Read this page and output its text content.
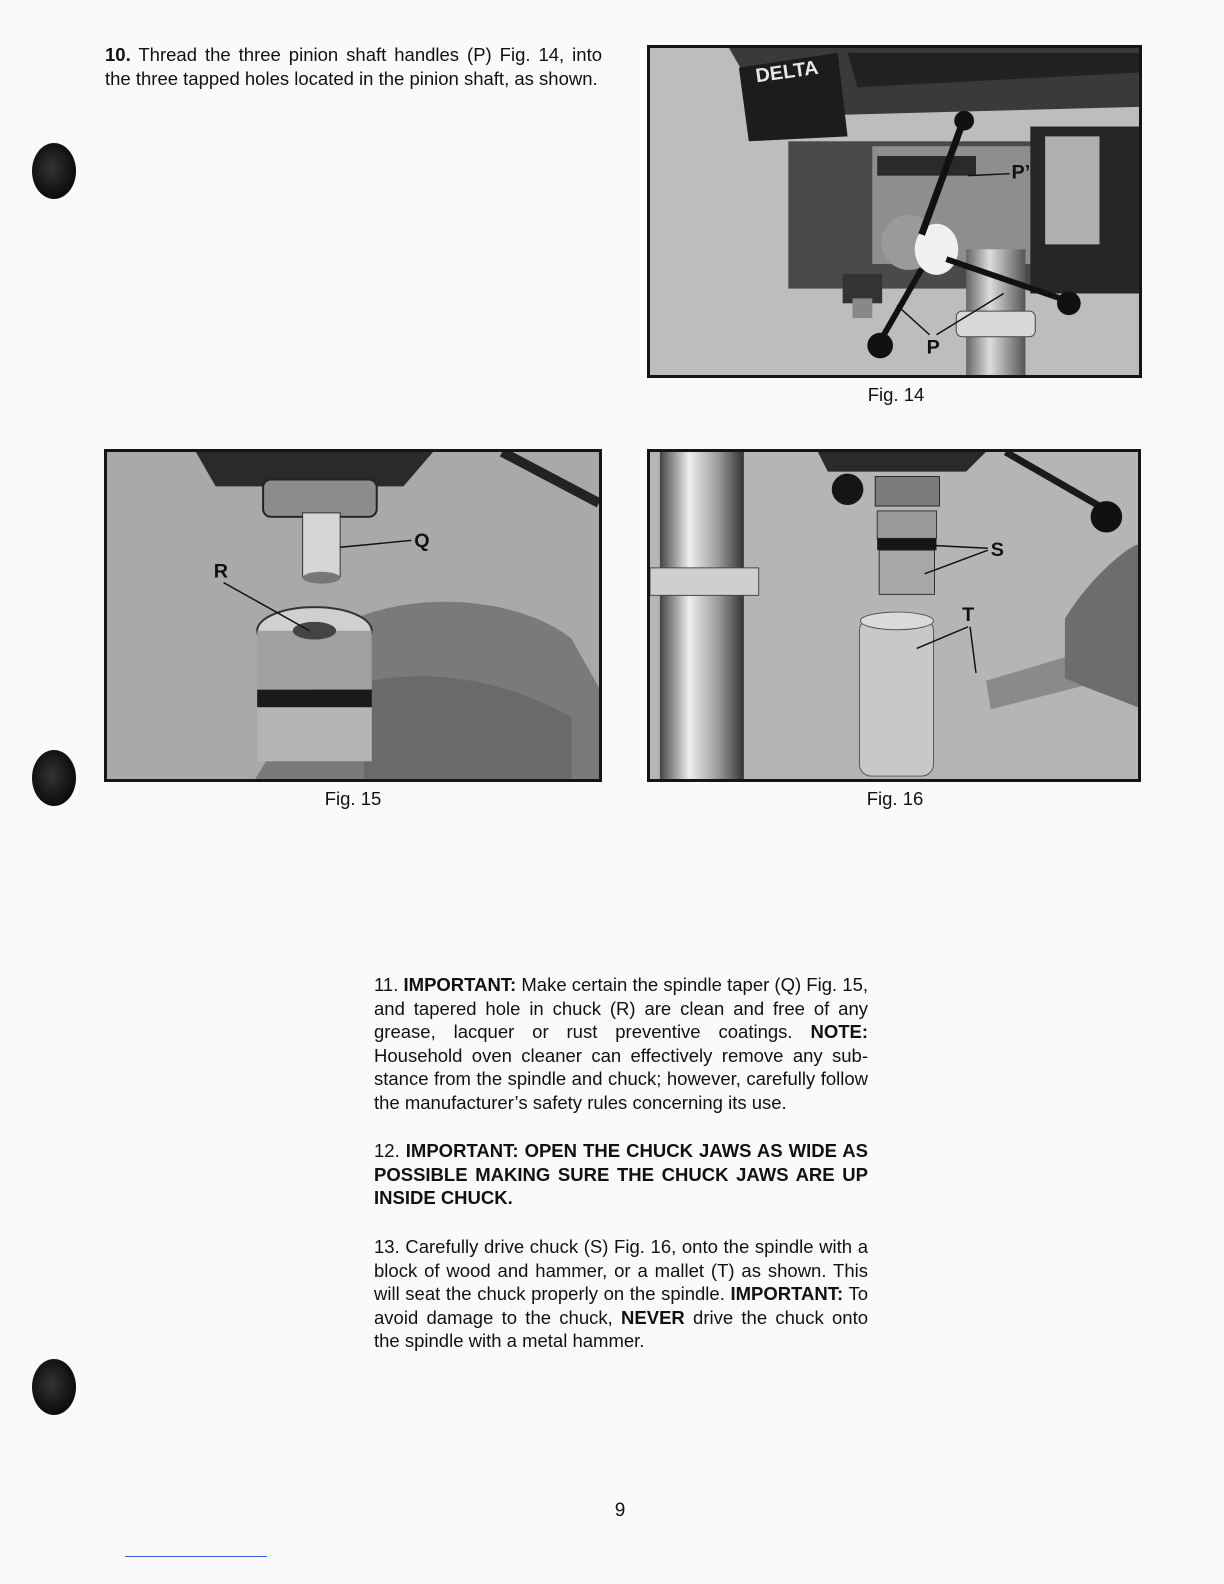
10. Thread the three pinion shaft handles (P) Fig. 14, into the three tapped holes located in the pinion shaft, as shown.	DELTA
P’
P
Fig. 14
Q
R
Fig. 15
S
T
Fig. 16

11. IMPORTANT: Make certain the spindle taper (Q) Fig. 15, and tapered hole in chuck (R) are clean and free of any grease, lacquer or rust preventive coatings. NOTE: Household oven cleaner can effectively remove any sub-stance from the spindle and chuck; however, carefully follow the manufacturer’s safety rules concerning its use.

12. IMPORTANT: OPEN THE CHUCK JAWS AS WIDE AS POSSIBLE MAKING SURE THE CHUCK JAWS ARE UP INSIDE CHUCK.

13. Carefully drive chuck (S) Fig. 16, onto the spindle with a block of wood and hammer, or a mallet (T) as shown. This will seat the chuck properly on the spindle. IMPORTANT: To avoid damage to the chuck, NEVER drive the chuck onto the spindle with a metal hammer.

9
